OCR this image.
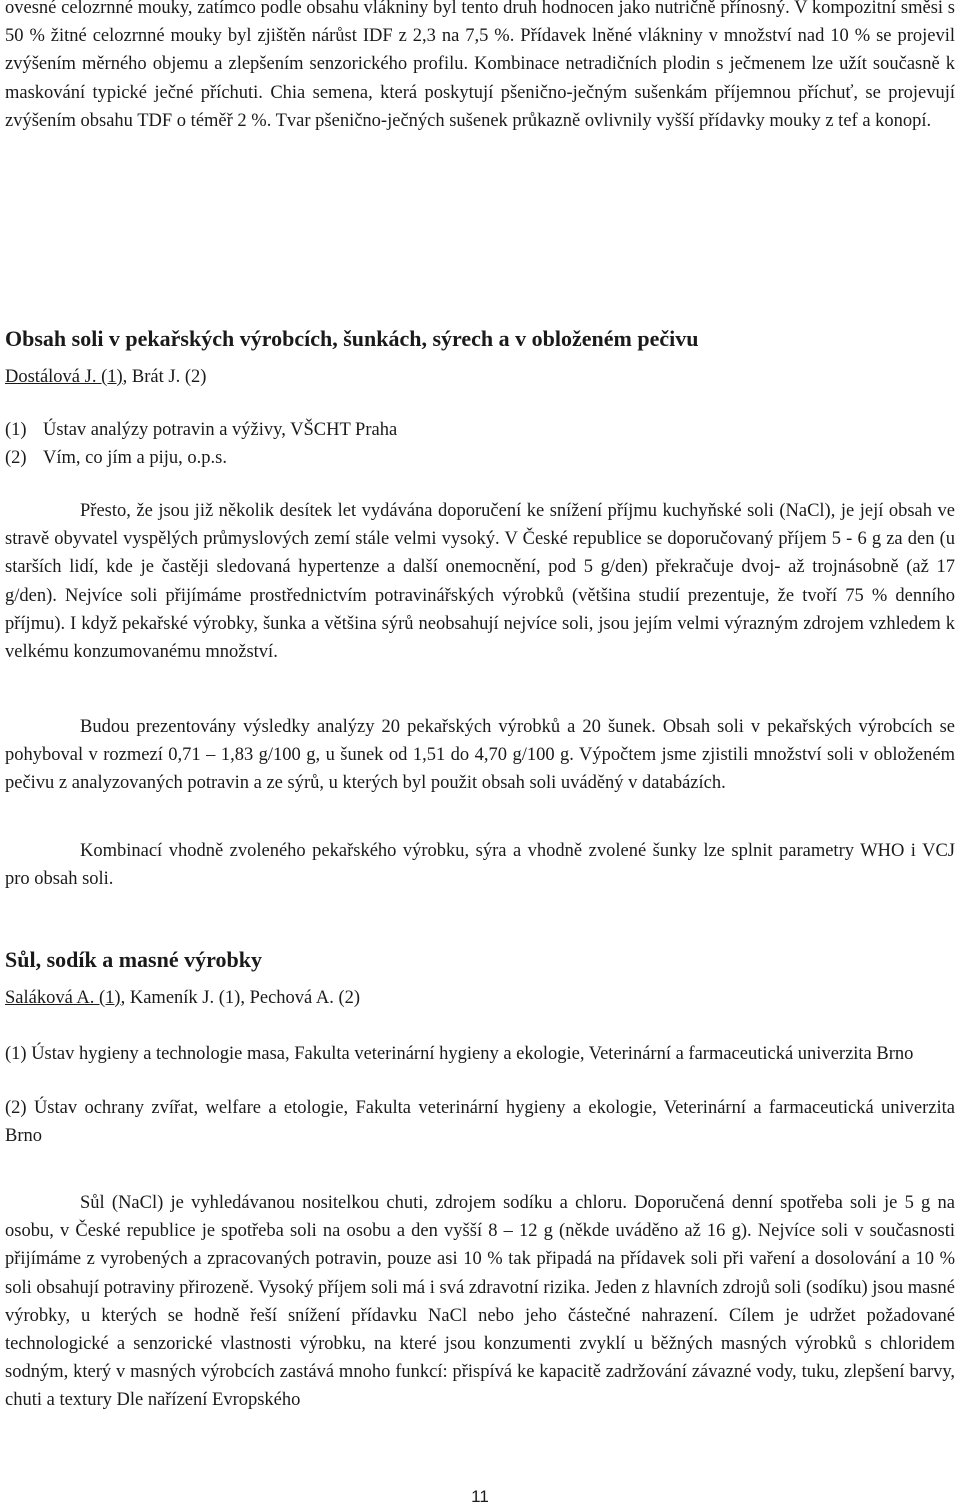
ovesné celozrnné mouky, zatímco podle obsahu vlákniny byl tento druh hodnocen jako nutričně přínosný. V kompozitní směsi s 50 % žitné celozrnné mouky byl zjištěn nárůst IDF z 2,3 na 7,5 %. Přídavek lněné vlákniny v množství nad 10 % se projevil zvýšením měrného objemu a zlepšením senzorického profilu. Kombinace netradičních plodin s ječmenem lze užít současně k maskování typické ječné příchuti. Chia semena, která poskytují pšenično-ječným sušenkám příjemnou příchuť, se projevují zvýšením obsahu TDF o téměř 2 %. Tvar pšenično-ječných sušenek průkazně ovlivnily vyšší přídavky mouky z tef a konopí.

Obsah soli v pekařských výrobcích, šunkách, sýrech a v obloženém pečivu

Dostálová J. (1), Brát J. (2)

(1) Ústav analýzy potravin a výživy, VŠCHT Praha

(2) Vím, co jím a piju, o.p.s.

Přesto, že jsou již několik desítek let vydávána doporučení ke snížení příjmu kuchyňské soli (NaCl), je její obsah ve stravě obyvatel vyspělých průmyslových zemí stále velmi vysoký. V České republice se doporučovaný příjem 5 - 6 g za den (u starších lidí, kde je častěji sledovaná hypertenze a další onemocnění, pod 5 g/den) překračuje dvoj- až trojnásobně (až 17 g/den). Nejvíce soli přijímáme prostřednictvím potravinářských výrobků (většina studií prezentuje, že tvoří 75 % denního příjmu). I když pekařské výrobky, šunka a většina sýrů neobsahují nejvíce soli, jsou jejím velmi výrazným zdrojem vzhledem k velkému konzumovanému množství.

Budou prezentovány výsledky analýzy 20 pekařských výrobků a 20 šunek. Obsah soli v pekařských výrobcích se pohyboval v rozmezí 0,71 – 1,83 g/100 g, u šunek od 1,51 do 4,70 g/100 g. Výpočtem jsme zjistili množství soli v obloženém pečivu z analyzovaných potravin a ze sýrů, u kterých byl použit obsah soli uváděný v databázích.

Kombinací vhodně zvoleného pekařského výrobku, sýra a vhodně zvolené šunky lze splnit parametry WHO i VCJ pro obsah soli.

Sůl, sodík a masné výrobky

Saláková A. (1), Kameník J. (1), Pechová A. (2)

(1) Ústav hygieny a technologie masa, Fakulta veterinární hygieny a ekologie, Veterinární a farmaceutická univerzita Brno

(2) Ústav ochrany zvířat, welfare a etologie, Fakulta veterinární hygieny a ekologie, Veterinární a farmaceutická univerzita Brno

Sůl (NaCl) je vyhledávanou nositelkou chuti, zdrojem sodíku a chloru. Doporučená denní spotřeba soli je 5 g na osobu, v České republice je spotřeba soli na osobu a den vyšší 8 – 12 g (někde uváděno až 16 g). Nejvíce soli v současnosti přijímáme z vyrobených a zpracovaných potravin, pouze asi 10 % tak připadá na přídavek soli při vaření a dosolování a 10 % soli obsahují potraviny přirozeně. Vysoký příjem soli má i svá zdravotní rizika. Jeden z hlavních zdrojů soli (sodíku) jsou masné výrobky, u kterých se hodně řeší snížení přídavku NaCl nebo jeho částečné nahrazení. Cílem je udržet požadované technologické a senzorické vlastnosti výrobku, na které jsou konzumenti zvyklí u běžných masných výrobků s chloridem sodným, který v masných výrobcích zastává mnoho funkcí: přispívá ke kapacitě zadržování závazné vody, tuku, zlepšení barvy, chuti a textury Dle nařízení Evropského

11
